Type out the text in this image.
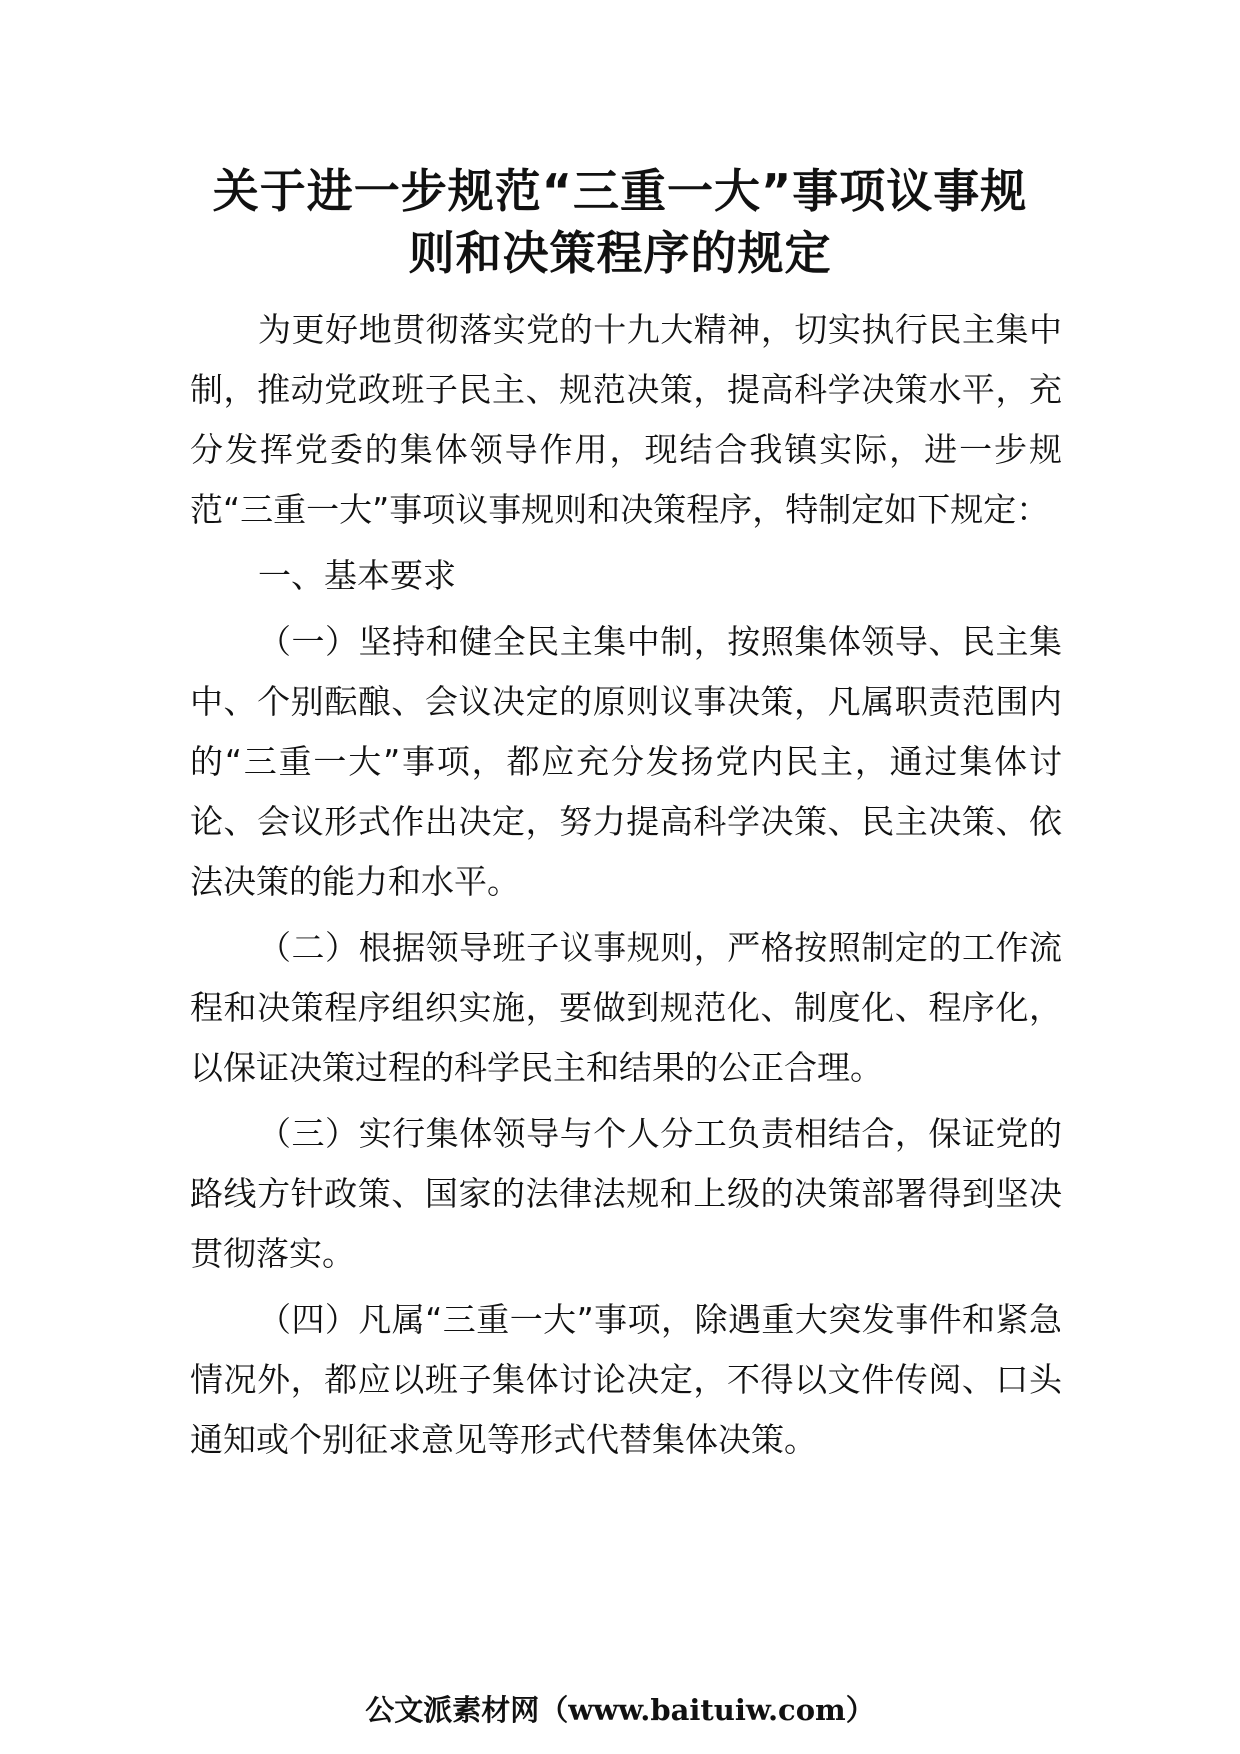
关于进一步规范“三重一大”事项议事规
则和决策程序的规定

为更好地贯彻落实党的十九大精神，切实执行民主集中制，推动党政班子民主、规范决策，提高科学决策水平，充分发挥党委的集体领导作用，现结合我镇实际，进一步规范“三重一大”事项议事规则和决策程序，特制定如下规定：

一、基本要求

（一）坚持和健全民主集中制，按照集体领导、民主集中、个别酝酿、会议决定的原则议事决策，凡属职责范围内的“三重一大”事项，都应充分发扬党内民主，通过集体讨论、会议形式作出决定，努力提高科学决策、民主决策、依法决策的能力和水平。

（二）根据领导班子议事规则，严格按照制定的工作流程和决策程序组织实施，要做到规范化、制度化、程序化，以保证决策过程的科学民主和结果的公正合理。

（三）实行集体领导与个人分工负责相结合，保证党的路线方针政策、国家的法律法规和上级的决策部署得到坚决贯彻落实。

（四）凡属“三重一大”事项，除遇重大突发事件和紧急情况外，都应以班子集体讨论决定，不得以文件传阅、口头通知或个别征求意见等形式代替集体决策。

公文派素材网（www.baituiw.com）
